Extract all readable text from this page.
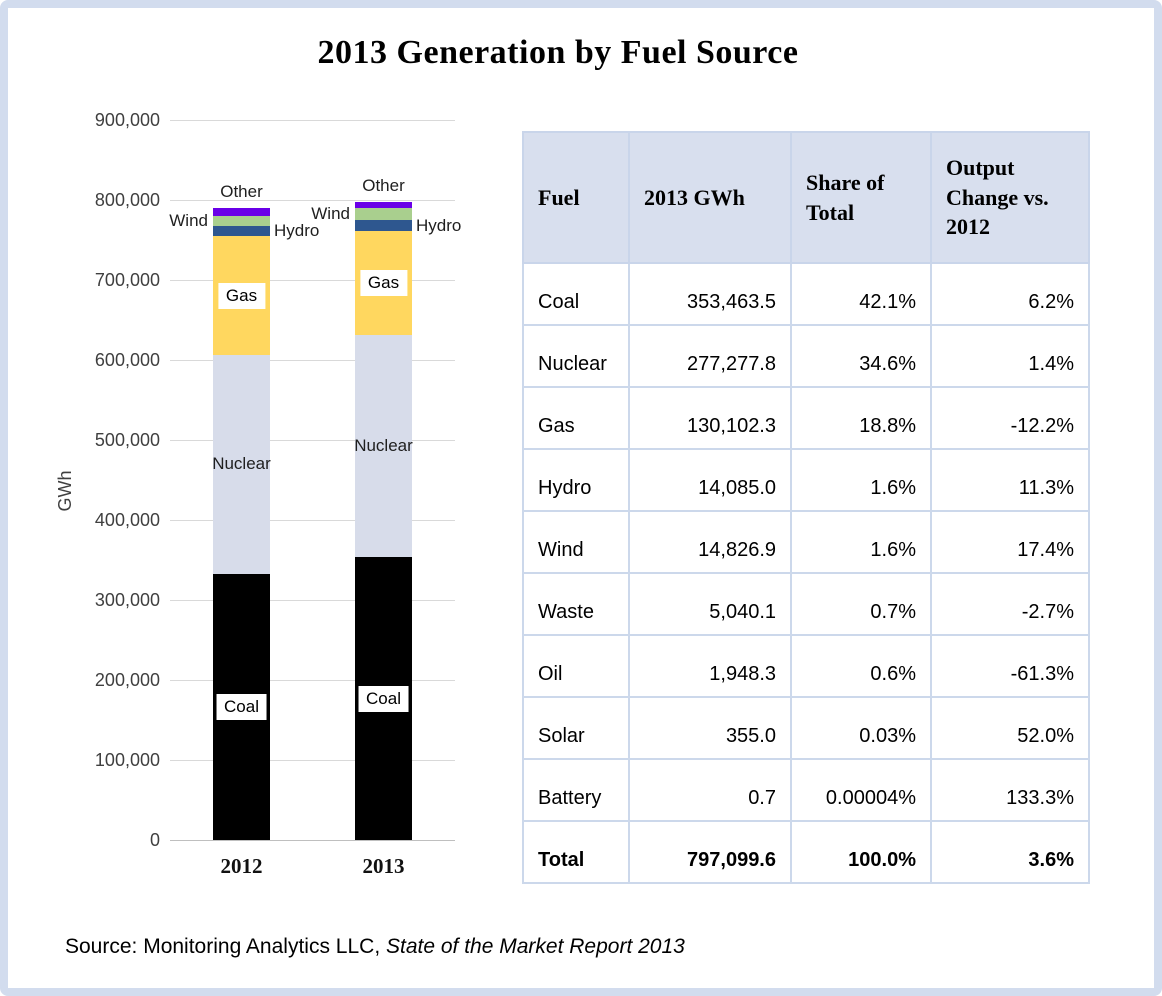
2013 Generation by Fuel Source
GWh
0
100,000
200,000
300,000
400,000
500,000
600,000
700,000
800,000
900,000
Coal
Nuclear
Gas
Hydro
Wind
Other
2012
Coal
Nuclear
Gas
Hydro
Wind
Other
2013
Fuel	2013 GWh	Share of Total	Output Change vs. 2012
Coal	353,463.5	42.1%	6.2%
Nuclear	277,277.8	34.6%	1.4%
Gas	130,102.3	18.8%	-12.2%
Hydro	14,085.0	1.6%	11.3%
Wind	14,826.9	1.6%	17.4%
Waste	5,040.1	0.7%	-2.7%
Oil	1,948.3	0.6%	-61.3%
Solar	355.0	0.03%	52.0%
Battery	0.7	0.00004%	133.3%
Total	797,099.6	100.0%	3.6%
Source: Monitoring Analytics LLC, State of the Market Report 2013
